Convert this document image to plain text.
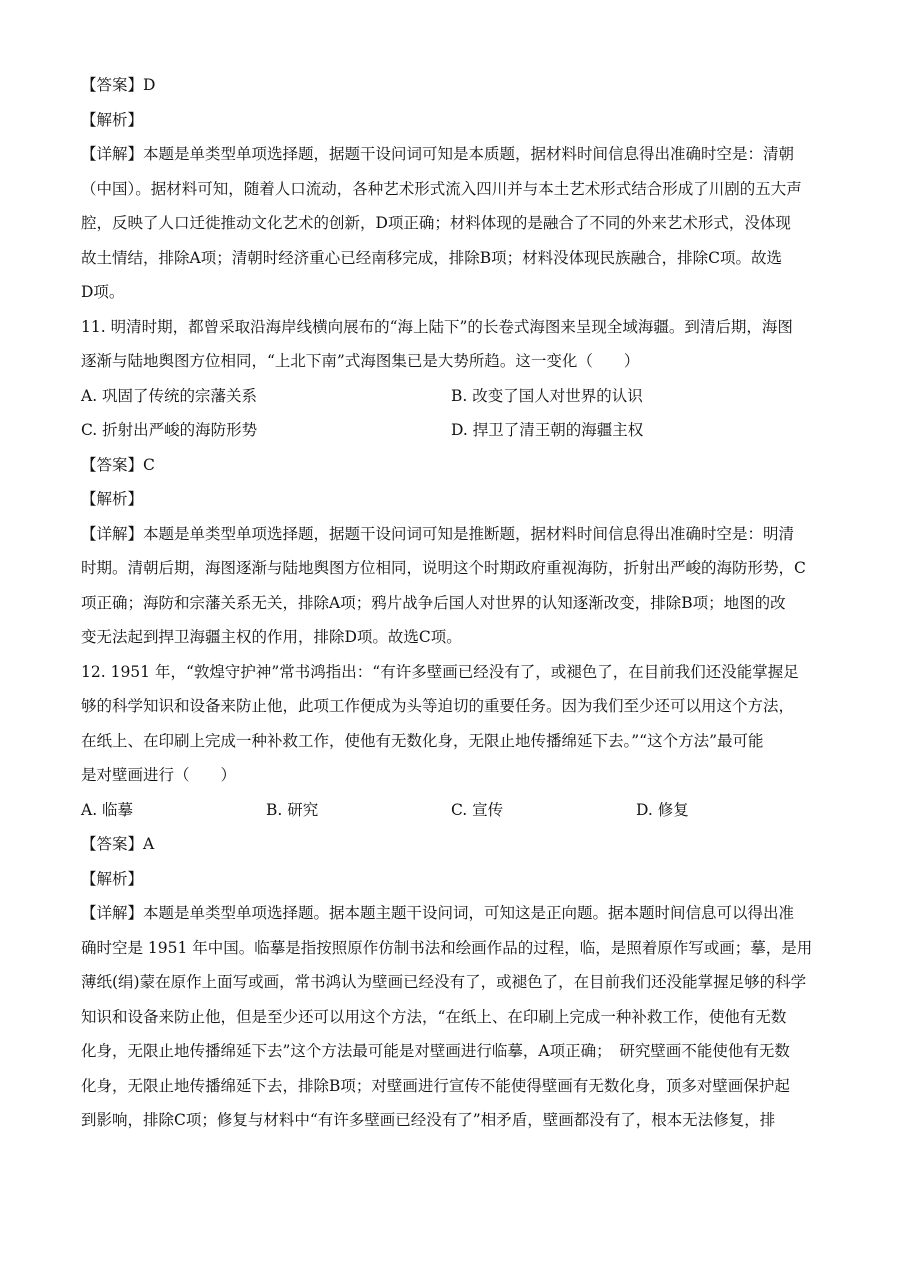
【答案】D
【解析】
【详解】本题是单类型单项选择题，据题干设问词可知是本质题，据材料时间信息得出准确时空是：清朝
（中国）。据材料可知，随着人口流动，各种艺术形式流入四川并与本土艺术形式结合形成了川剧的五大声
腔，反映了人口迁徙推动文化艺术的创新，D项正确；材料体现的是融合了不同的外来艺术形式，没体现
故土情结，排除A项；清朝时经济重心已经南移完成，排除B项；材料没体现民族融合，排除C项。故选
D项。
11. 明清时期，都曾采取沿海岸线横向展布的“海上陆下”的长卷式海图来呈现全域海疆。到清后期，海图
逐渐与陆地舆图方位相同，“上北下南”式海图集已是大势所趋。这一变化（　　）
A. 巩固了传统的宗藩关系	B. 改变了国人对世界的认识
C. 折射出严峻的海防形势	D. 捍卫了清王朝的海疆主权
【答案】C
【解析】
【详解】本题是单类型单项选择题，据题干设问词可知是推断题，据材料时间信息得出准确时空是：明清
时期。清朝后期，海图逐渐与陆地舆图方位相同，说明这个时期政府重视海防，折射出严峻的海防形势，C
项正确；海防和宗藩关系无关，排除A项；鸦片战争后国人对世界的认知逐渐改变，排除B项；地图的改
变无法起到捍卫海疆主权的作用，排除D项。故选C项。
12. 1951 年，“敦煌守护神”常书鸿指出：“有许多壁画已经没有了，或褪色了，在目前我们还没能掌握足
够的科学知识和设备来防止他，此项工作便成为头等迫切的重要任务。因为我们至少还可以用这个方法，
在纸上、在印刷上完成一种补救工作，使他有无数化身，无限止地传播绵延下去。”“这个方法”最可能
是对壁画进行（　　）
A. 临摹	B. 研究	C. 宣传	D. 修复
【答案】A
【解析】
【详解】本题是单类型单项选择题。据本题主题干设问词，可知这是正向题。据本题时间信息可以得出准
确时空是 1951 年中国。临摹是指按照原作仿制书法和绘画作品的过程，临，是照着原作写或画；摹，是用
薄纸(绢)蒙在原作上面写或画，常书鸿认为壁画已经没有了，或褪色了，在目前我们还没能掌握足够的科学
知识和设备来防止他，但是至少还可以用这个方法，“在纸上、在印刷上完成一种补救工作，使他有无数
化身，无限止地传播绵延下去”这个方法最可能是对壁画进行临摹，A项正确；　研究壁画不能使他有无数
化身，无限止地传播绵延下去，排除B项；对壁画进行宣传不能使得壁画有无数化身，顶多对壁画保护起
到影响，排除C项；修复与材料中“有许多壁画已经没有了”相矛盾，壁画都没有了，根本无法修复，排
